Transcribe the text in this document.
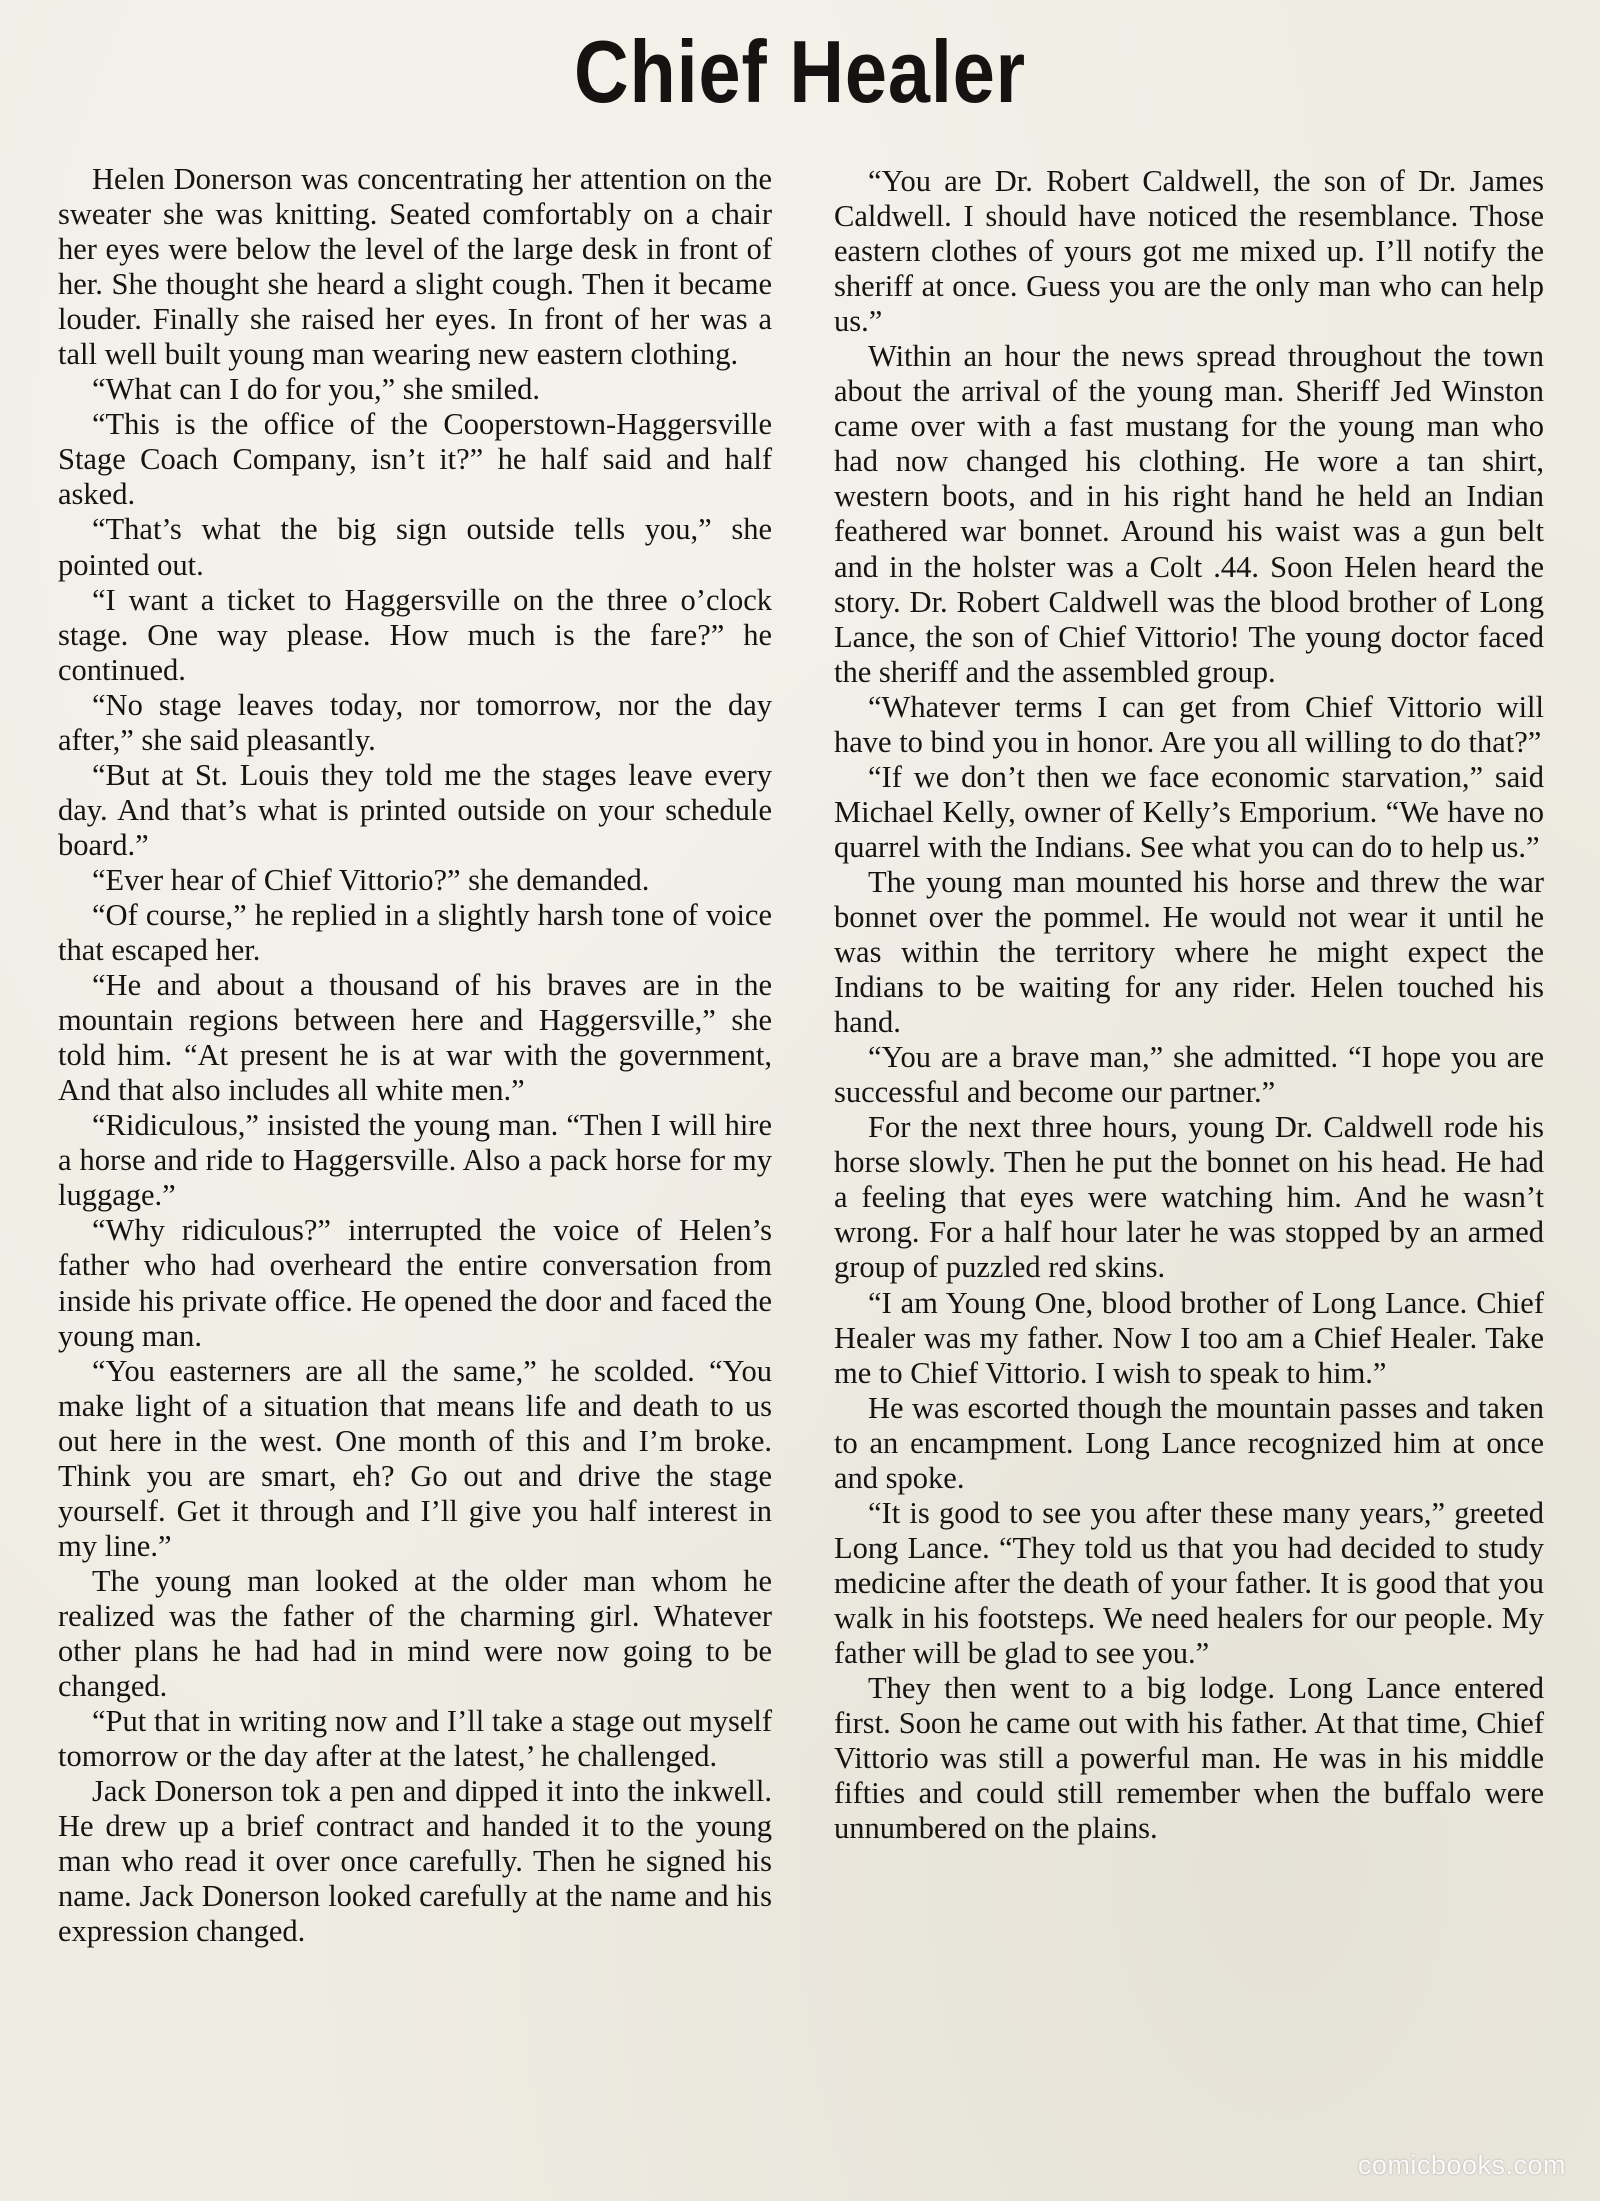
Chief Healer

Helen Donerson was concentrating her attention on the sweater she was knitting. Seated comfortably on a chair her eyes were below the level of the large desk in front of her. She thought she heard a slight cough. Then it became louder. Finally she raised her eyes. In front of her was a tall well built young man wearing new eastern clothing.

“What can I do for you,” she smiled.

“This is the office of the Cooperstown-Haggersville Stage Coach Company, isn’t it?” he half said and half asked.

“That’s what the big sign outside tells you,” she pointed out.

“I want a ticket to Haggersville on the three o’clock stage. One way please. How much is the fare?” he continued.

“No stage leaves today, nor tomorrow, nor the day after,” she said pleasantly.

“But at St. Louis they told me the stages leave every day. And that’s what is printed outside on your schedule board.”

“Ever hear of Chief Vittorio?” she demanded.

“Of course,” he replied in a slightly harsh tone of voice that escaped her.

“He and about a thousand of his braves are in the mountain regions between here and Haggersville,” she told him. “At present he is at war with the government, And that also includes all white men.”

“Ridiculous,” insisted the young man. “Then I will hire a horse and ride to Haggersville. Also a pack horse for my luggage.”

“Why ridiculous?” interrupted the voice of Helen’s father who had overheard the entire conversation from inside his private office. He opened the door and faced the young man.

“You easterners are all the same,” he scolded. “You make light of a situation that means life and death to us out here in the west. One month of this and I’m broke. Think you are smart, eh? Go out and drive the stage yourself. Get it through and I’ll give you half interest in my line.”

The young man looked at the older man whom he realized was the father of the charming girl. Whatever other plans he had had in mind were now going to be changed.

“Put that in writing now and I’ll take a stage out myself tomorrow or the day after at the latest,’ he challenged.

Jack Donerson tok a pen and dipped it into the inkwell. He drew up a brief contract and handed it to the young man who read it over once carefully. Then he signed his name. Jack Donerson looked carefully at the name and his expression changed.

“You are Dr. Robert Caldwell, the son of Dr. James Caldwell. I should have noticed the resemblance. Those eastern clothes of yours got me mixed up. I’ll notify the sheriff at once. Guess you are the only man who can help us.”

Within an hour the news spread throughout the town about the arrival of the young man. Sheriff Jed Winston came over with a fast mustang for the young man who had now changed his clothing. He wore a tan shirt, western boots, and in his right hand he held an Indian feathered war bonnet. Around his waist was a gun belt and in the holster was a Colt .44. Soon Helen heard the story. Dr. Robert Caldwell was the blood brother of Long Lance, the son of Chief Vittorio! The young doctor faced the sheriff and the assembled group.

“Whatever terms I can get from Chief Vittorio will have to bind you in honor. Are you all willing to do that?”

“If we don’t then we face economic starvation,” said Michael Kelly, owner of Kelly’s Emporium. “We have no quarrel with the Indians. See what you can do to help us.”

The young man mounted his horse and threw the war bonnet over the pommel. He would not wear it until he was within the territory where he might expect the Indians to be waiting for any rider. Helen touched his hand.

“You are a brave man,” she admitted. “I hope you are successful and become our partner.”

For the next three hours, young Dr. Caldwell rode his horse slowly. Then he put the bonnet on his head. He had a feeling that eyes were watching him. And he wasn’t wrong. For a half hour later he was stopped by an armed group of puzzled red skins.

“I am Young One, blood brother of Long Lance. Chief Healer was my father. Now I too am a Chief Healer. Take me to Chief Vittorio. I wish to speak to him.”

He was escorted though the mountain passes and taken to an encampment. Long Lance recognized him at once and spoke.

“It is good to see you after these many years,” greeted Long Lance. “They told us that you had decided to study medicine after the death of your father. It is good that you walk in his footsteps. We need healers for our people. My father will be glad to see you.”

They then went to a big lodge. Long Lance entered first. Soon he came out with his father. At that time, Chief Vittorio was still a powerful man. He was in his middle fifties and could still remember when the buffalo were unnumbered on the plains.

comicbooks.com
